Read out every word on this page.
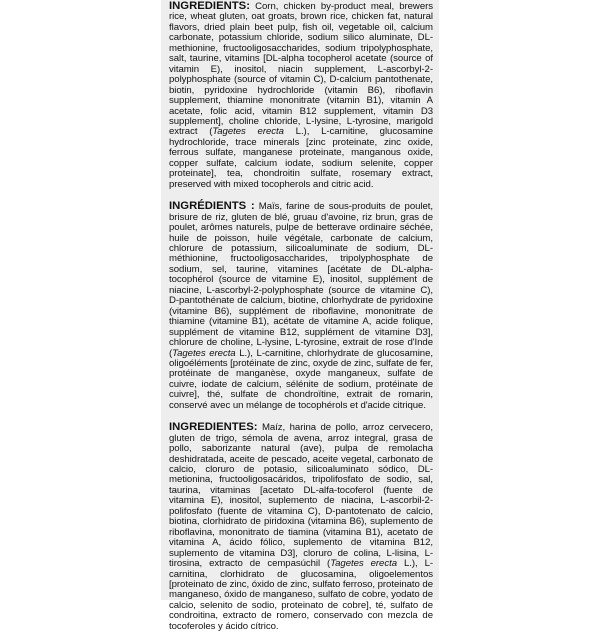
INGREDIENTS: Corn, chicken by-product meal, brewers rice, wheat gluten, oat groats, brown rice, chicken fat, natural flavors, dried plain beet pulp, fish oil, vegetable oil, calcium carbonate, potassium chloride, sodium silico aluminate, DL-methionine, fructooligosaccharides, sodium tripolyphosphate, salt, taurine, vitamins [DL-alpha tocopherol acetate (source of vitamin E), inositol, niacin supplement, L-ascorbyl-2-polyphosphate (source of vitamin C), D-calcium pantothenate, biotin, pyridoxine hydrochloride (vitamin B6), riboflavin supplement, thiamine mononitrate (vitamin B1), vitamin A acetate, folic acid, vitamin B12 supplement, vitamin D3 supplement], choline chloride, L-lysine, L-tyrosine, marigold extract (Tagetes erecta L.), L-carnitine, glucosamine hydrochloride, trace minerals [zinc proteinate, zinc oxide, ferrous sulfate, manganese proteinate, manganous oxide, copper sulfate, calcium iodate, sodium selenite, copper proteinate], tea, chondroitin sulfate, rosemary extract, preserved with mixed tocopherols and citric acid.

INGRÉDIENTS : Maïs, farine de sous-produits de poulet, brisure de riz, gluten de blé, gruau d'avoine, riz brun, gras de poulet, arômes naturels, pulpe de betterave ordinaire séchée, huile de poisson, huile végétale, carbonate de calcium, chlorure de potassium, silicoaluminate de sodium, DL-méthionine, fructooligosaccharides, tripolyphosphate de sodium, sel, taurine, vitamines [acétate de DL-alpha-tocophérol (source de vitamine E), inositol, supplément de niacine, L-ascorbyl-2-polyphosphate (source de vitamine C), D-pantothénate de calcium, biotine, chlorhydrate de pyridoxine (vitamine B6), supplément de riboflavine, mononitrate de thiamine (vitamine B1), acétate de vitamine A, acide folique, supplément de vitamine B12, supplément de vitamine D3], chlorure de choline, L-lysine, L-tyrosine, extrait de rose d'Inde (Tagetes erecta L.), L-carnitine, chlorhydrate de glucosamine, oligoéléments [protéinate de zinc, oxyde de zinc, sulfate de fer, protéinate de manganèse, oxyde manganeux, sulfate de cuivre, iodate de calcium, sélénite de sodium, protéinate de cuivre], thé, sulfate de chondroïtine, extrait de romarin, conservé avec un mélange de tocophérols et d'acide citrique.

INGREDIENTES: Maíz, harina de pollo, arroz cervecero, gluten de trigo, sémola de avena, arroz integral, grasa de pollo, saborizante natural (ave), pulpa de remolacha deshidratada, aceite de pescado, aceite vegetal, carbonato de calcio, cloruro de potasio, silicoaluminato sódico, DL-metionina, fructooligosacáridos, tripolifosfato de sodio, sal, taurina, vitaminas [acetato DL-alfa-tocoferol (fuente de vitamina E), inositol, suplemento de niacina, L-ascorbil-2-polifosfato (fuente de vitamina C), D-pantotenato de calcio, biotina, clorhidrato de piridoxina (vitamina B6), suplemento de riboflavina, mononitrato de tiamina (vitamina B1), acetato de vitamina A, ácido fólico, suplemento de vitamina B12, suplemento de vitamina D3], cloruro de colina, L-lisina, L-tirosina, extracto de cempasúchil (Tagetes erecta L.), L-carnitina, clorhidrato de glucosamina, oligoelementos [proteinato de zinc, óxido de zinc, sulfato ferroso, proteinato de manganeso, óxido de manganeso, sulfato de cobre, yodato de calcio, selenito de sodio, proteinato de cobre], té, sulfato de condroitina, extracto de romero, conservado con mezcla de tocoferoles y ácido cítrico.
